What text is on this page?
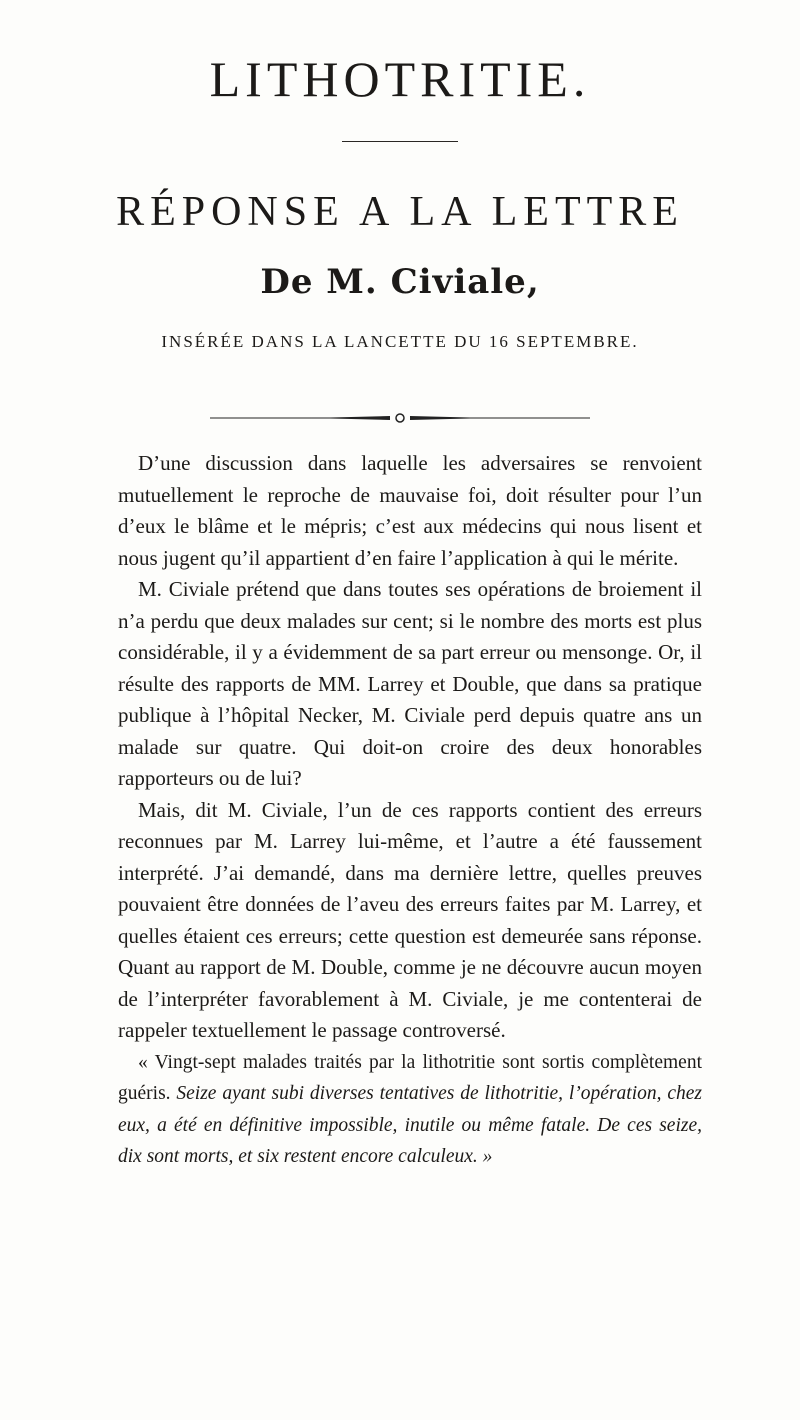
LITHOTRITIE.
RÉPONSE A LA LETTRE
De M. Civiale,
INSÉRÉE DANS LA LANCETTE DU 16 SEPTEMBRE.

D’une discussion dans laquelle les adversaires se renvoient mutuellement le reproche de mauvaise foi, doit résulter pour l’un d’eux le blâme et le mépris; c’est aux médecins qui nous lisent et nous jugent qu’il appartient d’en faire l’application à qui le mérite.

M. Civiale prétend que dans toutes ses opérations de broiement il n’a perdu que deux malades sur cent; si le nombre des morts est plus considérable, il y a évidemment de sa part erreur ou mensonge. Or, il résulte des rapports de MM. Larrey et Double, que dans sa pratique publique à l’hôpital Necker, M. Civiale perd depuis quatre ans un malade sur quatre. Qui doit-on croire des deux honorables rapporteurs ou de lui?

Mais, dit M. Civiale, l’un de ces rapports contient des erreurs reconnues par M. Larrey lui-même, et l’autre a été faussement interprété. J’ai demandé, dans ma dernière lettre, quelles preuves pouvaient être données de l’aveu des erreurs faites par M. Larrey, et quelles étaient ces erreurs; cette question est demeurée sans réponse. Quant au rapport de M. Double, comme je ne découvre aucun moyen de l’interpréter favorablement à M. Civiale, je me contenterai de rappeler textuellement le passage controversé.

« Vingt-sept malades traités par la lithotritie sont sortis complètement guéris. Seize ayant subi diverses tentatives de lithotritie, l’opération, chez eux, a été en définitive impossible, inutile ou même fatale. De ces seize, dix sont morts, et six restent encore calculeux. »
